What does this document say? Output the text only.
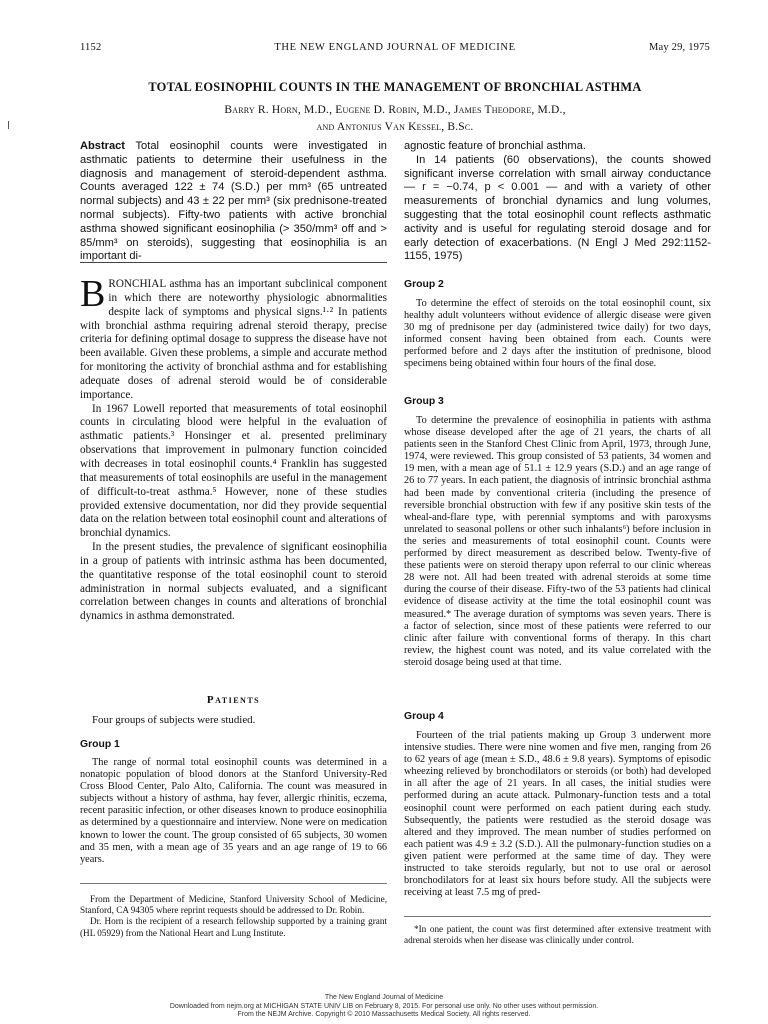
1152	THE NEW ENGLAND JOURNAL OF MEDICINE	May 29, 1975
TOTAL EOSINOPHIL COUNTS IN THE MANAGEMENT OF BRONCHIAL ASTHMA
Barry R. Horn, M.D., Eugene D. Robin, M.D., James Theodore, M.D.,
and Antonius Van Kessel, B.Sc.
Abstract Total eosinophil counts were investigated in asthmatic patients to determine their usefulness in the diagnosis and management of steroid-dependent asthma. Counts averaged 122 ± 74 (S.D.) per mm³ (65 untreated normal subjects) and 43 ± 22 per mm³ (six prednisone-treated normal subjects). Fifty-two patients with active bronchial asthma showed significant eosinophilia (> 350/mm³ off and > 85/mm³ on steroids), suggesting that eosinophilia is an important di-

agnostic feature of bronchial asthma.

In 14 patients (60 observations), the counts showed significant inverse correlation with small airway conductance — r = −0.74, p < 0.001 — and with a variety of other measurements of bronchial dynamics and lung volumes, suggesting that the total eosinophil count reflects asthmatic activity and is useful for regulating steroid dosage and for early detection of exacerbations. (N Engl J Med 292:1152-1155, 1975)

BRONCHIAL asthma has an important subclinical component in which there are noteworthy physiologic abnormalities despite lack of symptoms and physical signs.¹·² In patients with bronchial asthma requiring adrenal steroid therapy, precise criteria for defining optimal dosage to suppress the disease have not been available. Given these problems, a simple and accurate method for monitoring the activity of bronchial asthma and for establishing adequate doses of adrenal steroid would be of considerable importance.

In 1967 Lowell reported that measurements of total eosinophil counts in circulating blood were helpful in the evaluation of asthmatic patients.³ Honsinger et al. presented preliminary observations that improvement in pulmonary function coincided with decreases in total eosinophil counts.⁴ Franklin has suggested that measurements of total eosinophils are useful in the management of difficult-to-treat asthma.⁵ However, none of these studies provided extensive documentation, nor did they provide sequential data on the relation between total eosinophil count and alterations of bronchial dynamics.

In the present studies, the prevalence of significant eosinophilia in a group of patients with intrinsic asthma has been documented, the quantitative response of the total eosinophil count to steroid administration in normal subjects evaluated, and a significant correlation between changes in counts and alterations of bronchial dynamics in asthma demonstrated.

Patients
Four groups of subjects were studied.
Group 1

The range of normal total eosinophil counts was determined in a nonatopic population of blood donors at the Stanford University-Red Cross Blood Center, Palo Alto, California. The count was measured in subjects without a history of asthma, hay fever, allergic rhinitis, eczema, recent parasitic infection, or other diseases known to produce eosinophilia as determined by a questionnaire and interview. None were on medication known to lower the count. The group consisted of 65 subjects, 30 women and 35 men, with a mean age of 35 years and an age range of 19 to 66 years.

From the Department of Medicine, Stanford University School of Medicine, Stanford, CA 94305 where reprint requests should be addressed to Dr. Robin.

Dr. Horn is the recipient of a research fellowship supported by a training grant (HL 05929) from the National Heart and Lung Institute.

Group 2

To determine the effect of steroids on the total eosinophil count, six healthy adult volunteers without evidence of allergic disease were given 30 mg of prednisone per day (administered twice daily) for two days, informed consent having been obtained from each. Counts were performed before and 2 days after the institution of prednisone, blood specimens being obtained within four hours of the final dose.

Group 3

To determine the prevalence of eosinophilia in patients with asthma whose disease developed after the age of 21 years, the charts of all patients seen in the Stanford Chest Clinic from April, 1973, through June, 1974, were reviewed. This group consisted of 53 patients, 34 women and 19 men, with a mean age of 51.1 ± 12.9 years (S.D.) and an age range of 26 to 77 years. In each patient, the diagnosis of intrinsic bronchial asthma had been made by conventional criteria (including the presence of reversible bronchial obstruction with few if any positive skin tests of the wheal-and-flare type, with perennial symptoms and with paroxysms unrelated to seasonal pollens or other such inhalants⁶) before inclusion in the series and measurements of total eosinophil count. Counts were performed by direct measurement as described below. Twenty-five of these patients were on steroid therapy upon referral to our clinic whereas 28 were not. All had been treated with adrenal steroids at some time during the course of their disease. Fifty-two of the 53 patients had clinical evidence of disease activity at the time the total eosinophil count was measured.* The average duration of symptoms was seven years. There is a factor of selection, since most of these patients were referred to our clinic after failure with conventional forms of therapy. In this chart review, the highest count was noted, and its value correlated with the steroid dosage being used at that time.

Group 4

Fourteen of the trial patients making up Group 3 underwent more intensive studies. There were nine women and five men, ranging from 26 to 62 years of age (mean ± S.D., 48.6 ± 9.8 years). Symptoms of episodic wheezing relieved by bronchodilators or steroids (or both) had developed in all after the age of 21 years. In all cases, the initial studies were performed during an acute attack. Pulmonary-function tests and a total eosinophil count were performed on each patient during each study. Subsequently, the patients were restudied as the steroid dosage was altered and they improved. The mean number of studies performed on each patient was 4.9 ± 3.2 (S.D.). All the pulmonary-function studies on a given patient were performed at the same time of day. They were instructed to take steroids regularly, but not to use oral or aerosol bronchodilators for at least six hours before study. All the subjects were receiving at least 7.5 mg of pred-

*In one patient, the count was first determined after extensive treatment with adrenal steroids when her disease was clinically under control.
The New England Journal of Medicine
Downloaded from nejm.org at MICHIGAN STATE UNIV LIB on February 8, 2015. For personal use only. No other uses without permission.
From the NEJM Archive. Copyright © 2010 Massachusetts Medical Society. All rights reserved.
